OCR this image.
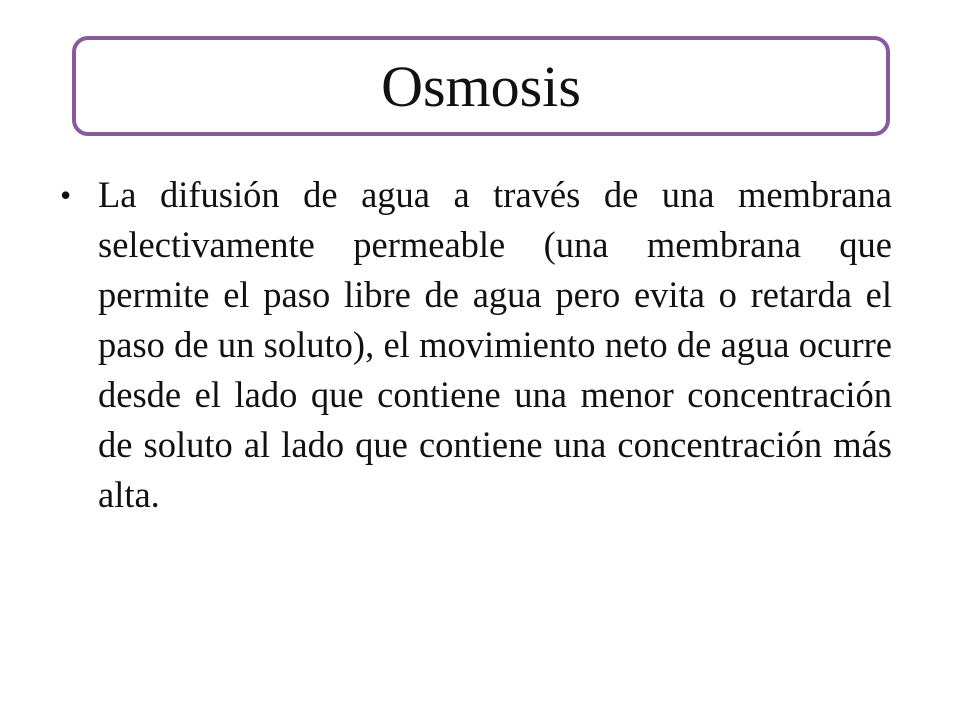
Osmosis
• La difusión de agua a través de una membrana selectivamente permeable (una membrana que permite el paso libre de agua pero evita o retarda el paso de un soluto), el movimiento neto de agua ocurre desde el lado que contiene una menor concentración de soluto al lado que contiene una concentración más alta.
